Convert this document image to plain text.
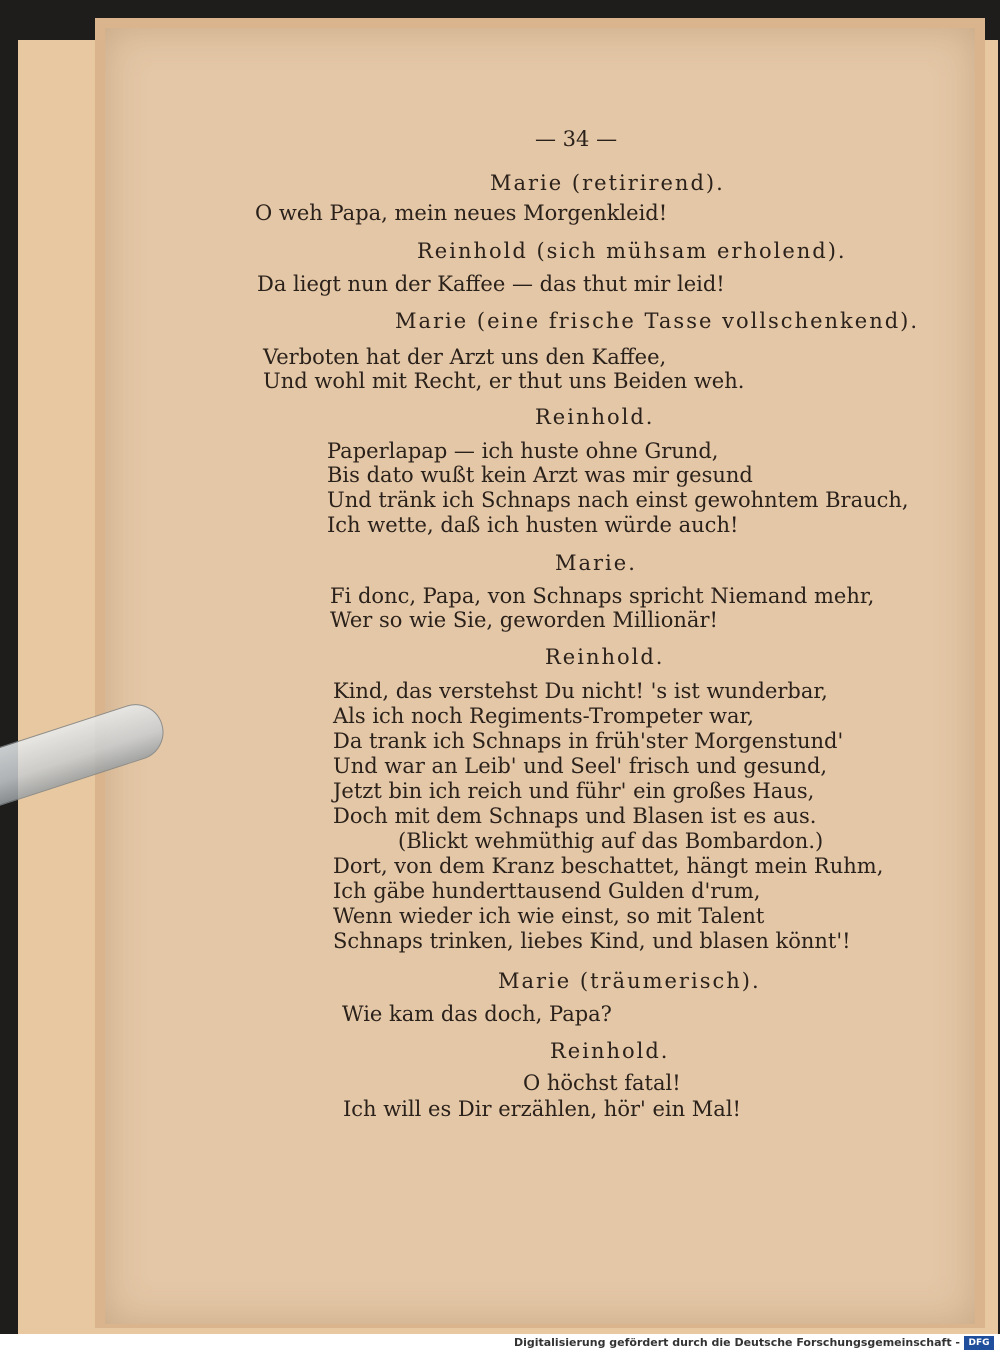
— 34 —
Marie (retirirend).
O weh Papa, mein neues Morgenkleid!
Reinhold (sich mühsam erholend).
Da liegt nun der Kaffee — das thut mir leid!
Marie (eine frische Tasse vollschenkend).
Verboten hat der Arzt uns den Kaffee,
Und wohl mit Recht, er thut uns Beiden weh.
Reinhold.
Paperlapap — ich huste ohne Grund,
Bis dato wußt kein Arzt was mir gesund
Und tränk ich Schnaps nach einst gewohntem Brauch,
Ich wette, daß ich husten würde auch!
Marie.
Fi donc, Papa, von Schnaps spricht Niemand mehr,
Wer so wie Sie, geworden Millionär!
Reinhold.
Kind, das verstehst Du nicht! 's ist wunderbar,
Als ich noch Regiments-Trompeter war,
Da trank ich Schnaps in früh'ster Morgenstund'
Und war an Leib' und Seel' frisch und gesund,
Jetzt bin ich reich und führ' ein großes Haus,
Doch mit dem Schnaps und Blasen ist es aus.
(Blickt wehmüthig auf das Bombardon.)
Dort, von dem Kranz beschattet, hängt mein Ruhm,
Ich gäbe hunderttausend Gulden d'rum,
Wenn wieder ich wie einst, so mit Talent
Schnaps trinken, liebes Kind, und blasen könnt'!
Marie (träumerisch).
Wie kam das doch, Papa?
Reinhold.
O höchst fatal!
Ich will es Dir erzählen, hör' ein Mal!
Digitalisierung gefördert durch die Deutsche Forschungsgemeinschaft - DFG
